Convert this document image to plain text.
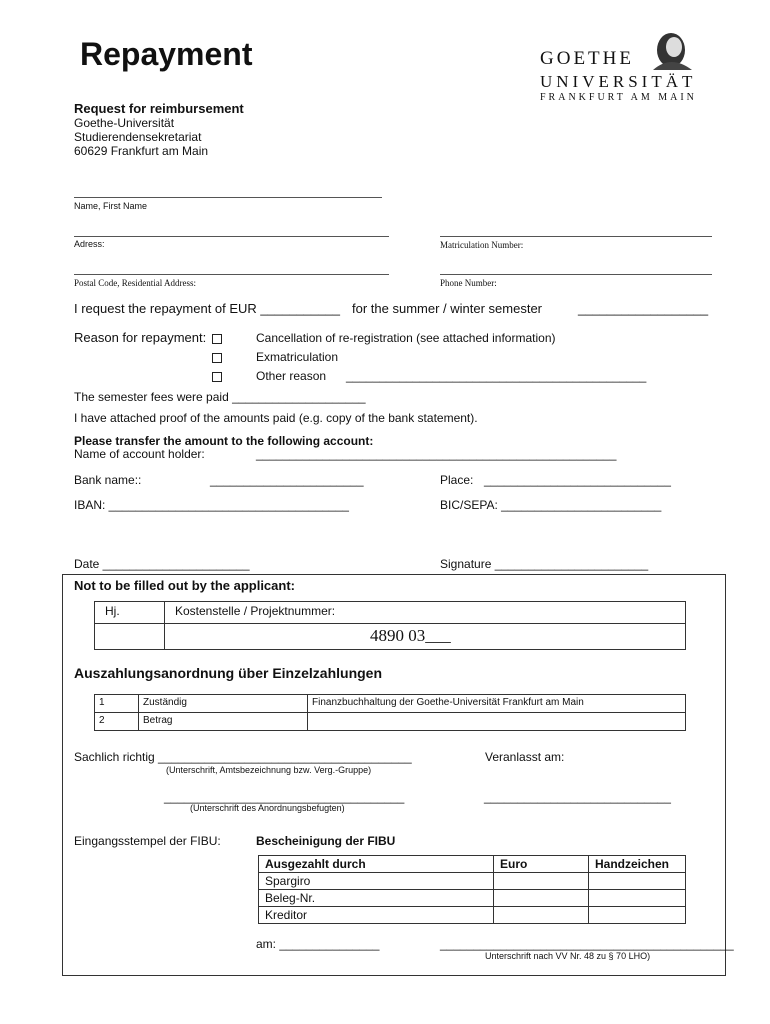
Repayment	GOETHE
UNIVERSITÄT
FRANKFURT AM MAIN
Request for reimbursement
Goethe-Universität
Studierendensekretariat
60629 Frankfurt am Main
Name, First Name
Adress:	Matriculation Number:
Postal Code, Residential Address:	Phone Number:
I request the repayment of EUR ___________ for the summer / winter semester	__________________
Reason for repayment:	Cancellation of re-registration (see attached information)
Exmatriculation
Other reason _____________________________________________
The semester fees were paid ____________________
I have attached proof of the amounts paid (e.g. copy of the bank statement).
Please transfer the amount to the following account:
Name of account holder:	______________________________________________________
Bank name::	_______________________	Place: ____________________________
IBAN: ____________________________________	BIC/SEPA: ________________________
Date ______________________	Signature _______________________
Not to be filled out by the applicant:
Hj.	Kostenstelle / Projektnummer:
	4890 03___
Auszahlungsanordnung über Einzelzahlungen
1	Zuständig	Finanzbuchhaltung der Goethe-Universität Frankfurt am Main
2	Betrag	
Sachlich richtig ______________________________________
(Unterschrift, Amtsbezeichnung bzw. Verg.-Gruppe)
Veranlasst am:
____________________________________
(Unterschrift des Anordnungsbefugten)
____________________________
Eingangsstempel der FIBU:	Bescheinigung der FIBU
Ausgezahlt durch	Euro	Handzeichen
Spargiro		
Beleg-Nr.		
Kreditor		
am: _______________	____________________________________________
Unterschrift nach VV Nr. 48 zu § 70 LHO)
